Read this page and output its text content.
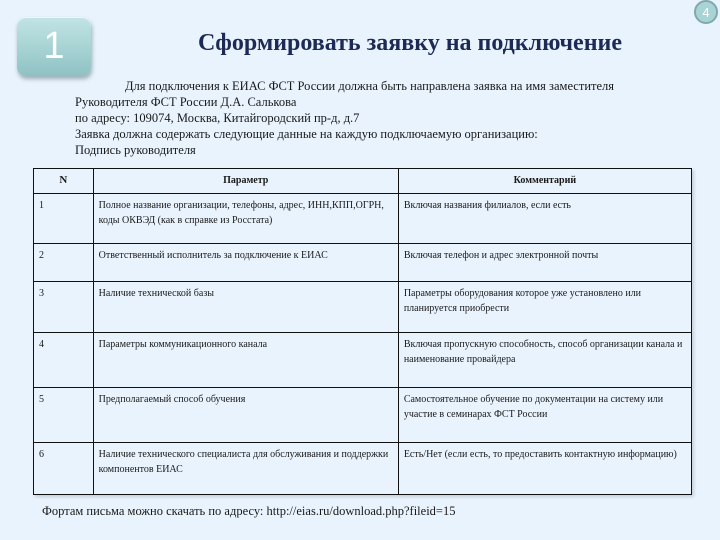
1
4
Сформировать заявку на подключение
Для подключения к ЕИАС ФСТ России должна быть направлена заявка на имя заместителя
Руководителя ФСТ России Д.А. Салькова
по адресу: 109074, Москва, Китайгородский пр-д, д.7
Заявка должна содержать следующие данные на каждую подключаемую организацию:
Подпись руководителя
N	Параметр	Комментарий
1	Полное название организации, телефоны, адрес, ИНН,КПП,ОГРН, коды ОКВЭД (как в справке из Росстата)	Включая названия филиалов, если есть
2	Ответственный исполнитель за подключение к ЕИАС	Включая телефон и адрес электронной почты
3	Наличие технической базы	Параметры оборудования которое уже установлено или планируется приобрести
4	Параметры коммуникационного канала	Включая пропускную способность, способ организации канала и наименование провайдера
5	Предполагаемый способ обучения	Самостоятельное обучение по документации на систему или участие в семинарах ФСТ России
6	Наличие технического специалиста для обслуживания и поддержки компонентов ЕИАС	Есть/Нет (если есть, то предоставить контактную информацию)
Фортам письма можно скачать по адресу: http://eias.ru/download.php?fileid=15
